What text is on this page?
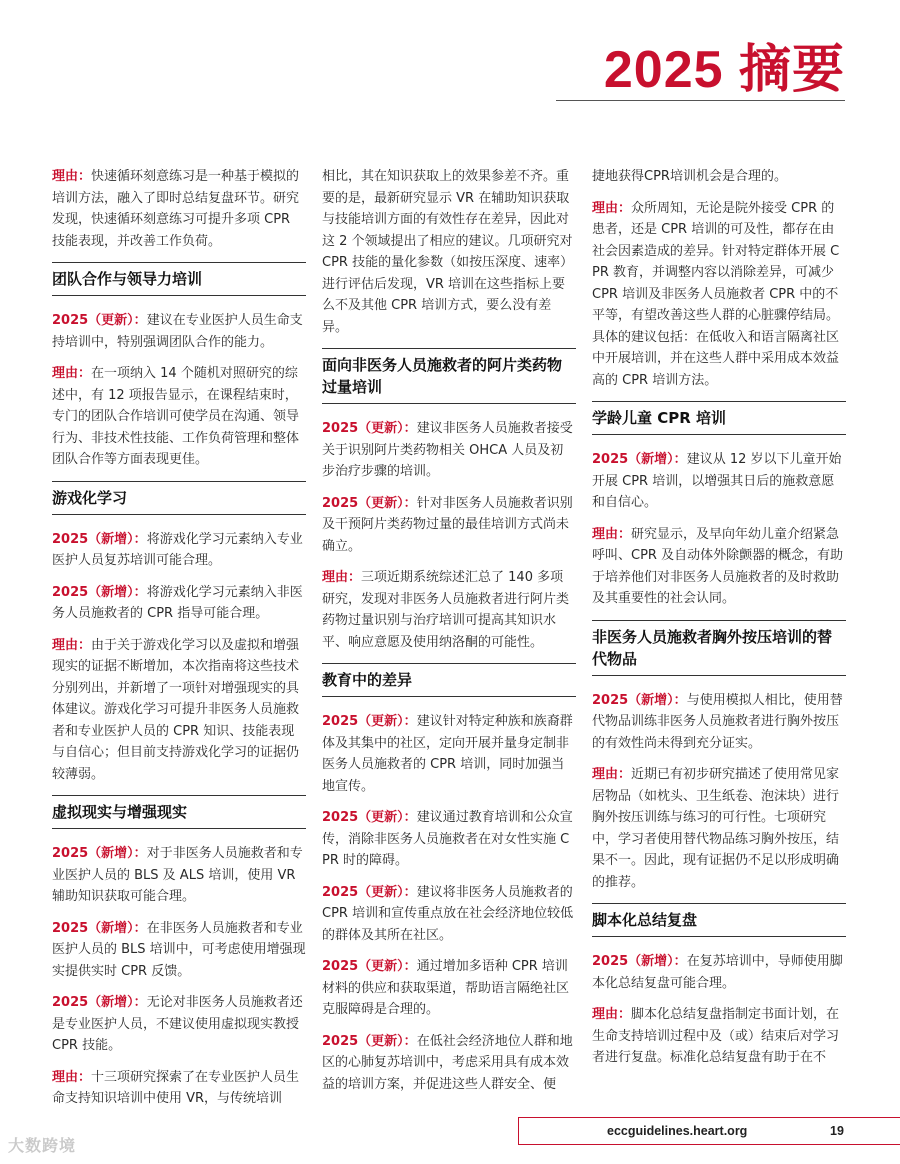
2025 摘要

理由：快速循环刻意练习是一种基于模拟的培训方法，融入了即时总结复盘环节。研究发现，快速循环刻意练习可提升多项 CPR 技能表现，并改善工作负荷。

团队合作与领导力培训

2025（更新）：建议在专业医护人员生命支持培训中，特别强调团队合作的能力。

理由：在一项纳入 14 个随机对照研究的综述中，有 12 项报告显示，在课程结束时，专门的团队合作培训可使学员在沟通、领导行为、非技术性技能、工作负荷管理和整体团队合作等方面表现更佳。

游戏化学习

2025（新增）：将游戏化学习元素纳入专业医护人员复苏培训可能合理。

2025（新增）：将游戏化学习元素纳入非医务人员施救者的 CPR 指导可能合理。

理由：由于关于游戏化学习以及虚拟和增强现实的证据不断增加，本次指南将这些技术分别列出，并新增了一项针对增强现实的具体建议。游戏化学习可提升非医务人员施救者和专业医护人员的 CPR 知识、技能表现与自信心；但目前支持游戏化学习的证据仍较薄弱。

虚拟现实与增强现实

2025（新增）：对于非医务人员施救者和专业医护人员的 BLS 及 ALS 培训，使用 VR 辅助知识获取可能合理。

2025（新增）：在非医务人员施救者和专业医护人员的 BLS 培训中，可考虑使用增强现实提供实时 CPR 反馈。

2025（新增）：无论对非医务人员施救者还是专业医护人员，不建议使用虚拟现实教授 CPR 技能。

理由：十三项研究探索了在专业医护人员生命支持知识培训中使用 VR，与传统培训

相比，其在知识获取上的效果参差不齐。重要的是，最新研究显示 VR 在辅助知识获取与技能培训方面的有效性存在差异，因此对这 2 个领域提出了相应的建议。几项研究对 CPR 技能的量化参数（如按压深度、速率）进行评估后发现，VR 培训在这些指标上要么不及其他 CPR 培训方式，要么没有差异。

面向非医务人员施救者的阿片类药物过量培训

2025（更新）：建议非医务人员施救者接受关于识别阿片类药物相关 OHCA 人员及初步治疗步骤的培训。

2025（更新）：针对非医务人员施救者识别及干预阿片类药物过量的最佳培训方式尚未确立。

理由：三项近期系统综述汇总了 140 多项研究，发现对非医务人员施救者进行阿片类药物过量识别与治疗培训可提高其知识水平、响应意愿及使用纳洛酮的可能性。

教育中的差异

2025（更新）：建议针对特定种族和族裔群体及其集中的社区，定向开展并量身定制非医务人员施救者的 CPR 培训，同时加强当地宣传。

2025（更新）：建议通过教育培训和公众宣传，消除非医务人员施救者在对女性实施 CPR 时的障碍。

2025（更新）：建议将非医务人员施救者的 CPR 培训和宣传重点放在社会经济地位较低的群体及其所在社区。

2025（更新）：通过增加多语种 CPR 培训材料的供应和获取渠道，帮助语言隔绝社区克服障碍是合理的。

2025（更新）：在低社会经济地位人群和地区的心肺复苏培训中，考虑采用具有成本效益的培训方案，并促进这些人群安全、便

捷地获得CPR培训机会是合理的。

理由：众所周知，无论是院外接受 CPR 的患者，还是 CPR 培训的可及性，都存在由社会因素造成的差异。针对特定群体开展 CPR 教育，并调整内容以消除差异，可减少 CPR 培训及非医务人员施救者 CPR 中的不平等，有望改善这些人群的心脏骤停结局。具体的建议包括：在低收入和语言隔离社区中开展培训，并在这些人群中采用成本效益高的 CPR 培训方法。

学龄儿童 CPR 培训

2025（新增）：建议从 12 岁以下儿童开始开展 CPR 培训，以增强其日后的施救意愿和自信心。

理由：研究显示，及早向年幼儿童介绍紧急呼叫、CPR 及自动体外除颤器的概念，有助于培养他们对非医务人员施救者的及时救助及其重要性的社会认同。

非医务人员施救者胸外按压培训的替代物品

2025（新增）：与使用模拟人相比，使用替代物品训练非医务人员施救者进行胸外按压的有效性尚未得到充分证实。

理由：近期已有初步研究描述了使用常见家居物品（如枕头、卫生纸卷、泡沫块）进行胸外按压训练与练习的可行性。七项研究中，学习者使用替代物品练习胸外按压，结果不一。因此，现有证据仍不足以形成明确的推荐。

脚本化总结复盘

2025（新增）：在复苏培训中，导师使用脚本化总结复盘可能合理。

理由：脚本化总结复盘指制定书面计划，在生命支持培训过程中及（或）结束后对学习者进行复盘。标准化总结复盘有助于在不

eccguidelines.heart.org	19
大数跨境
